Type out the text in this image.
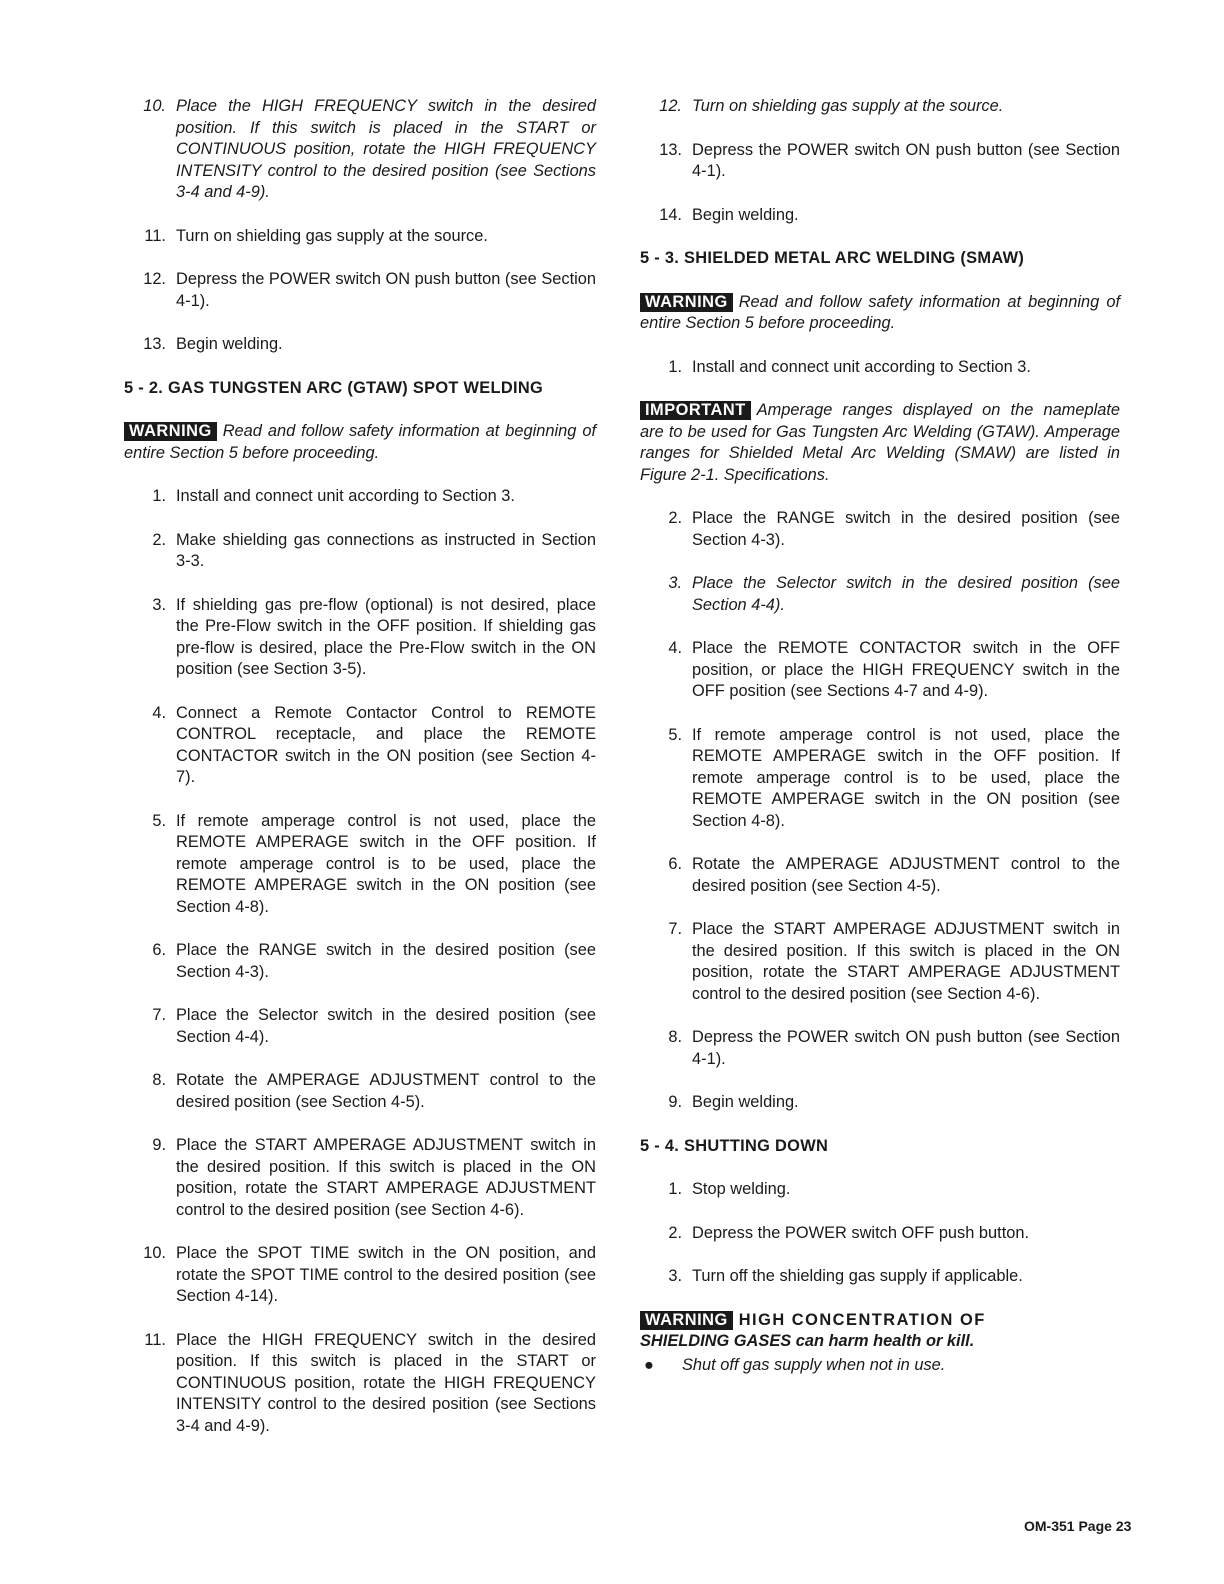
10. Place the HIGH FREQUENCY switch in the desired position. If this switch is placed in the START or CONTINUOUS position, rotate the HIGH FREQUENCY INTENSITY control to the desired position (see Sections 3-4 and 4-9).
11. Turn on shielding gas supply at the source.
12. Depress the POWER switch ON push button (see Section 4-1).
13. Begin welding.
5 - 2. GAS TUNGSTEN ARC (GTAW) SPOT WELDING
WARNING Read and follow safety information at beginning of entire Section 5 before proceeding.
1. Install and connect unit according to Section 3.
2. Make shielding gas connections as instructed in Section 3-3.
3. If shielding gas pre-flow (optional) is not desired, place the Pre-Flow switch in the OFF position. If shielding gas pre-flow is desired, place the Pre-Flow switch in the ON position (see Section 3-5).
4. Connect a Remote Contactor Control to REMOTE CONTROL receptacle, and place the REMOTE CONTACTOR switch in the ON position (see Section 4-7).
5. If remote amperage control is not used, place the REMOTE AMPERAGE switch in the OFF position. If remote amperage control is to be used, place the REMOTE AMPERAGE switch in the ON position (see Section 4-8).
6. Place the RANGE switch in the desired position (see Section 4-3).
7. Place the Selector switch in the desired position (see Section 4-4).
8. Rotate the AMPERAGE ADJUSTMENT control to the desired position (see Section 4-5).
9. Place the START AMPERAGE ADJUSTMENT switch in the desired position. If this switch is placed in the ON position, rotate the START AMPERAGE ADJUSTMENT control to the desired position (see Section 4-6).
10. Place the SPOT TIME switch in the ON position, and rotate the SPOT TIME control to the desired position (see Section 4-14).
11. Place the HIGH FREQUENCY switch in the desired position. If this switch is placed in the START or CONTINUOUS position, rotate the HIGH FREQUENCY INTENSITY control to the desired position (see Sections 3-4 and 4-9).
12. Turn on shielding gas supply at the source.
13. Depress the POWER switch ON push button (see Section 4-1).
14. Begin welding.
5 - 3. SHIELDED METAL ARC WELDING (SMAW)
WARNING Read and follow safety information at beginning of entire Section 5 before proceeding.
1. Install and connect unit according to Section 3.
IMPORTANT Amperage ranges displayed on the nameplate are to be used for Gas Tungsten Arc Welding (GTAW). Amperage ranges for Shielded Metal Arc Welding (SMAW) are listed in Figure 2-1. Specifications.
2. Place the RANGE switch in the desired position (see Section 4-3).
3. Place the Selector switch in the desired position (see Section 4-4).
4. Place the REMOTE CONTACTOR switch in the OFF position, or place the HIGH FREQUENCY switch in the OFF position (see Sections 4-7 and 4-9).
5. If remote amperage control is not used, place the REMOTE AMPERAGE switch in the OFF position. If remote amperage control is to be used, place the REMOTE AMPERAGE switch in the ON position (see Section 4-8).
6. Rotate the AMPERAGE ADJUSTMENT control to the desired position (see Section 4-5).
7. Place the START AMPERAGE ADJUSTMENT switch in the desired position. If this switch is placed in the ON position, rotate the START AMPERAGE ADJUSTMENT control to the desired position (see Section 4-6).
8. Depress the POWER switch ON push button (see Section 4-1).
9. Begin welding.
5 - 4. SHUTTING DOWN
1. Stop welding.
2. Depress the POWER switch OFF push button.
3. Turn off the shielding gas supply if applicable.
WARNING HIGH CONCENTRATION OF
SHIELDING GASES can harm health or kill.
●	Shut off gas supply when not in use.
OM-351 Page 23
